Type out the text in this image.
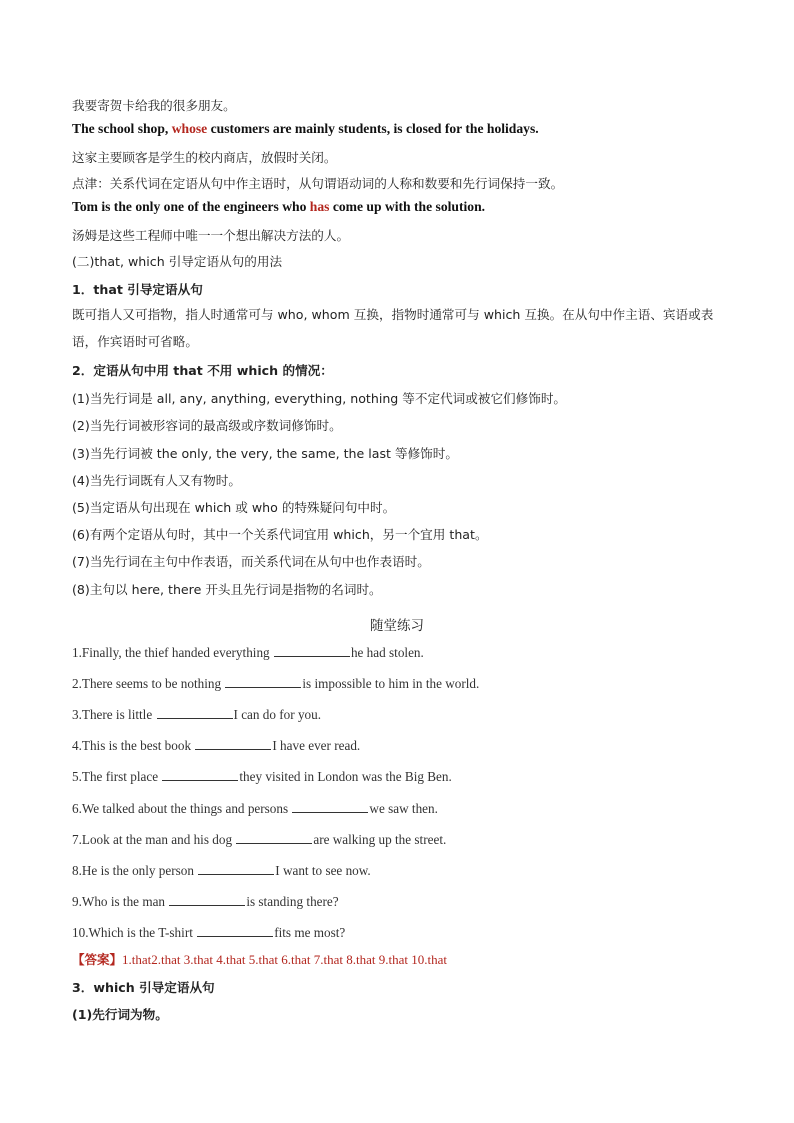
我要寄贺卡给我的很多朋友。
The school shop, whose customers are mainly students, is closed for the holidays.
这家主要顾客是学生的校内商店，放假时关闭。
点津：关系代词在定语从句中作主语时，从句谓语动词的人称和数要和先行词保持一致。
Tom is the only one of the engineers who has come up with the solution.
汤姆是这些工程师中唯一一个想出解决方法的人。
(二)that, which 引导定语从句的用法
1．that 引导定语从句
既可指人又可指物，指人时通常可与 who, whom 互换，指物时通常可与 which 互换。在从句中作主语、宾语或表语，作宾语时可省略。
2．定语从句中用 that 不用 which 的情况：
(1)当先行词是 all, any, anything, everything, nothing 等不定代词或被它们修饰时。
(2)当先行词被形容词的最高级或序数词修饰时。
(3)当先行词被 the only, the very, the same, the last 等修饰时。
(4)当先行词既有人又有物时。
(5)当定语从句出现在 which 或 who 的特殊疑问句中时。
(6)有两个定语从句时，其中一个关系代词宜用 which，另一个宜用 that。
(7)当先行词在主句中作表语，而关系代词在从句中也作表语时。
(8)主句以 here, there 开头且先行词是指物的名词时。
随堂练习
1.Finally, the thief handed everything	he had stolen.
2.There seems to be nothing	is impossible to him in the world.
3.There is little	I can do for you.
4.This is the best book	I have ever read.
5.The first place	they visited in London was the Big Ben.
6.We talked about the things and persons	we saw then.
7.Look at the man and his dog	are walking up the street.
8.He is the only person	I want to see now.
9.Who is the man	is standing there?
10.Which is the T-shirt	fits me most?
【答案】1.that2.that 3.that 4.that 5.that 6.that 7.that 8.that 9.that 10.that
3．which 引导定语从句
(1)先行词为物。
